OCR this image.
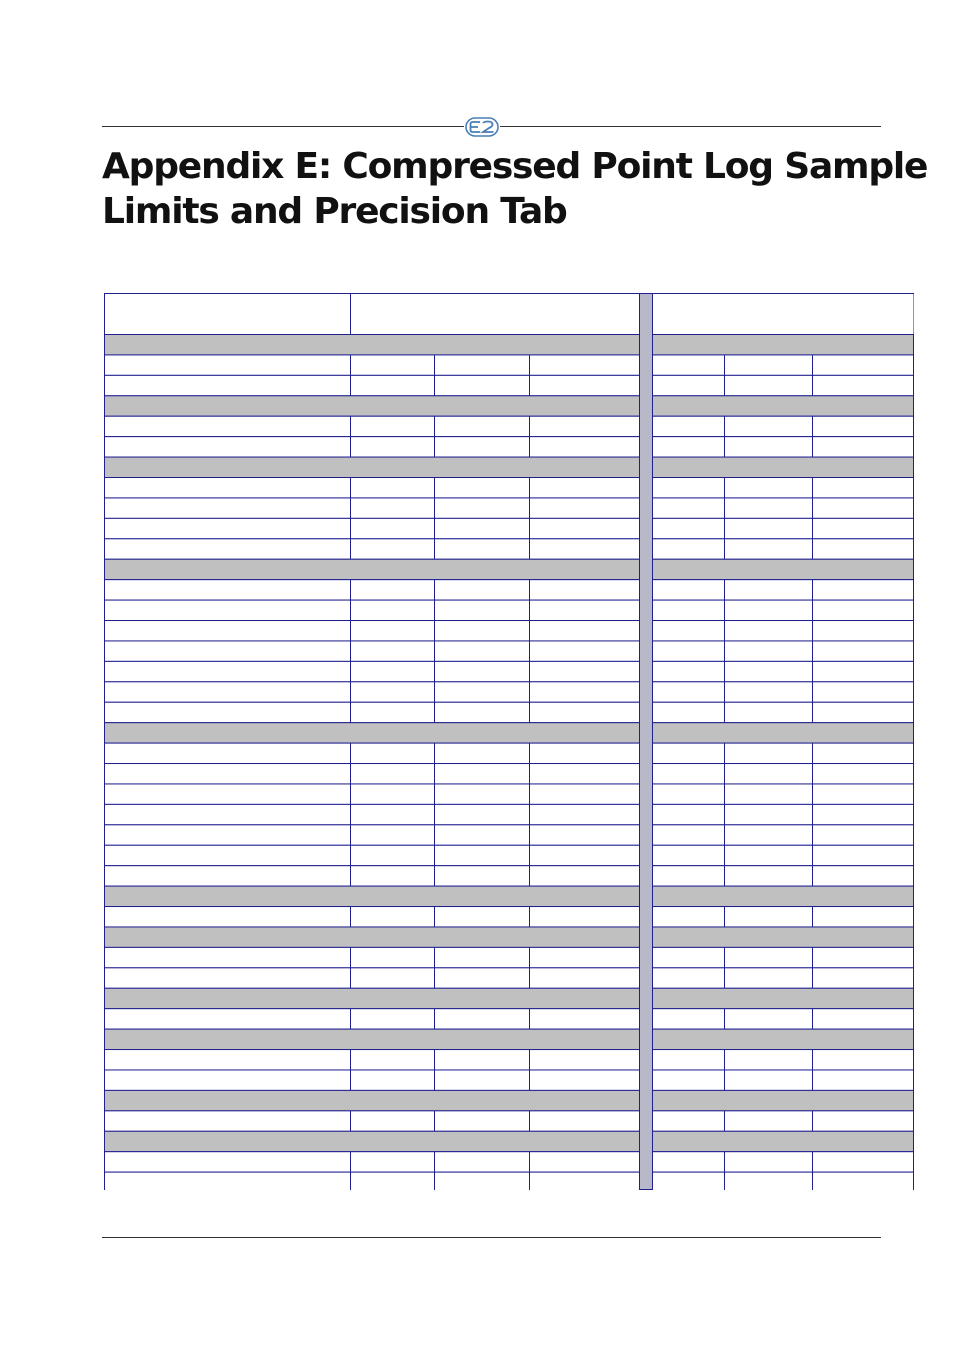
Appendix E: Compressed Point Log Sample
Limits and Precision Tab
